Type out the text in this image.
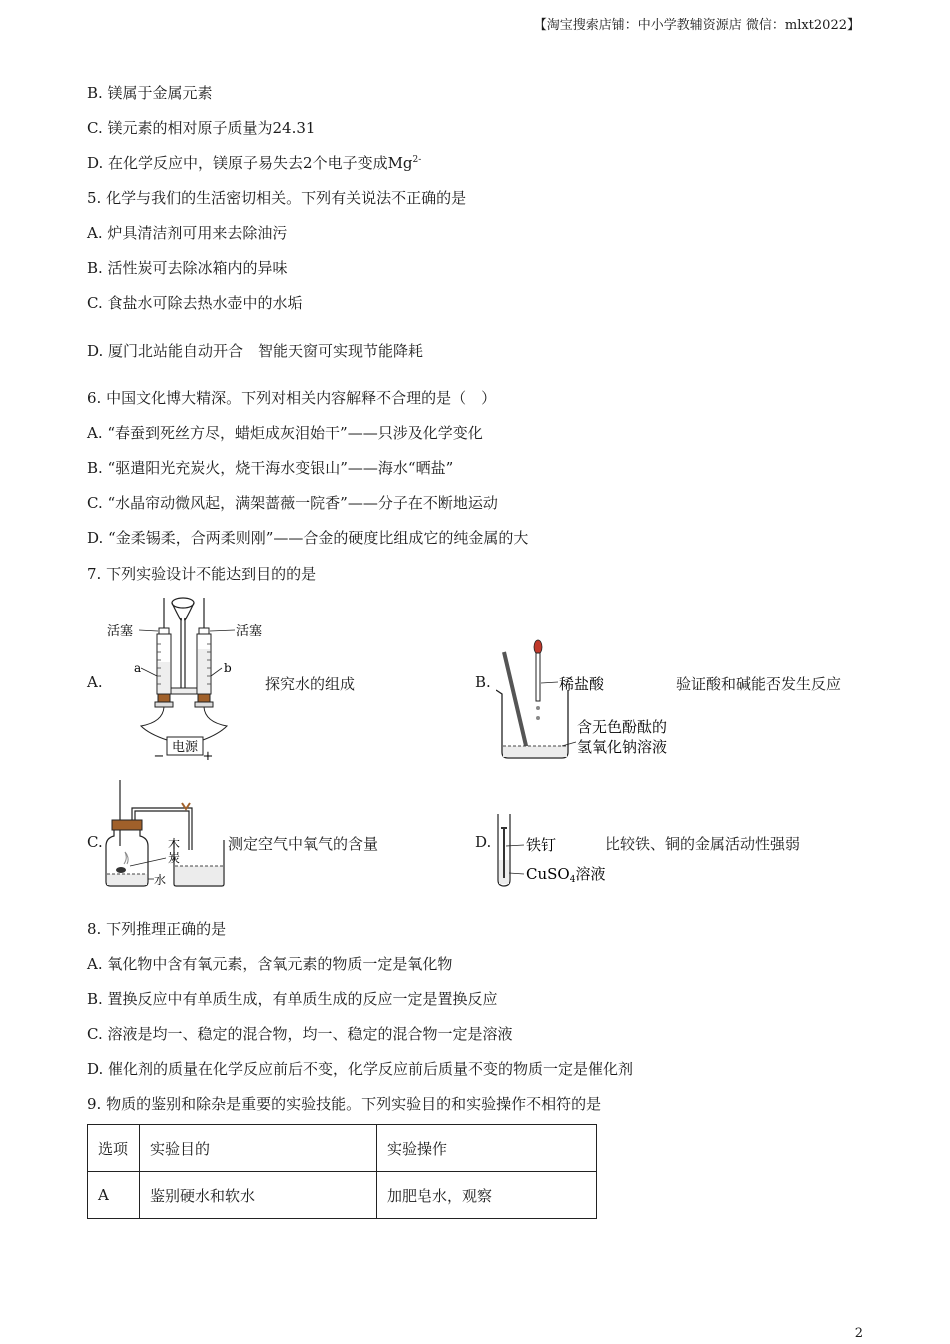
【淘宝搜索店铺：中小学教辅资源店 微信：mlxt2022】
B. 镁属于金属元素
C. 镁元素的相对原子质量为24.31
D. 在化学反应中，镁原子易失去2个电子变成$Mg^{2-}$
5. 化学与我们的生活密切相关。下列有关说法不正确的是
A. 炉具清洁剂可用来去除油污
B. 活性炭可去除冰箱内的异味
C. 食盐水可除去热水壶中的水垢
D. 厦门北站能自动开合　智能天窗可实现节能降耗
6. 中国文化博大精深。下列对相关内容解释不合理的是（　）
A. “春蚕到死丝方尽，蜡炬成灰泪始干”——只涉及化学变化
B. “驱遣阳光充炭火，烧干海水变银山”——海水“晒盐”
C. “水晶帘动微风起，满架蔷薇一院香”——分子在不断地运动
D. “金柔锡柔，合两柔则刚”——合金的硬度比组成它的纯金属的大
7. 下列实验设计不能达到目的的是
A.
电源
−	+
活塞	活塞
a	b
探究水的组成	B.	稀盐酸
含无色酚酞的
氢氧化钠溶液
验证酸和碱能否发生反应
C.	木
炭
水
测定空气中氧气的含量	D. 铁钉
CuSO$_4$溶液
比较铁、铜的金属活动性强弱
8. 下列推理正确的是
A. 氧化物中含有氧元素，含氧元素的物质一定是氧化物
B. 置换反应中有单质生成，有单质生成的反应一定是置换反应
C. 溶液是均一、稳定的混合物，均一、稳定的混合物一定是溶液
D. 催化剂的质量在化学反应前后不变，化学反应前后质量不变的物质一定是催化剂
9. 物质的鉴别和除杂是重要的实验技能。下列实验目的和实验操作不相符的是
选项	实验目的	实验操作
A	鉴别硬水和软水	加肥皂水，观察
2
